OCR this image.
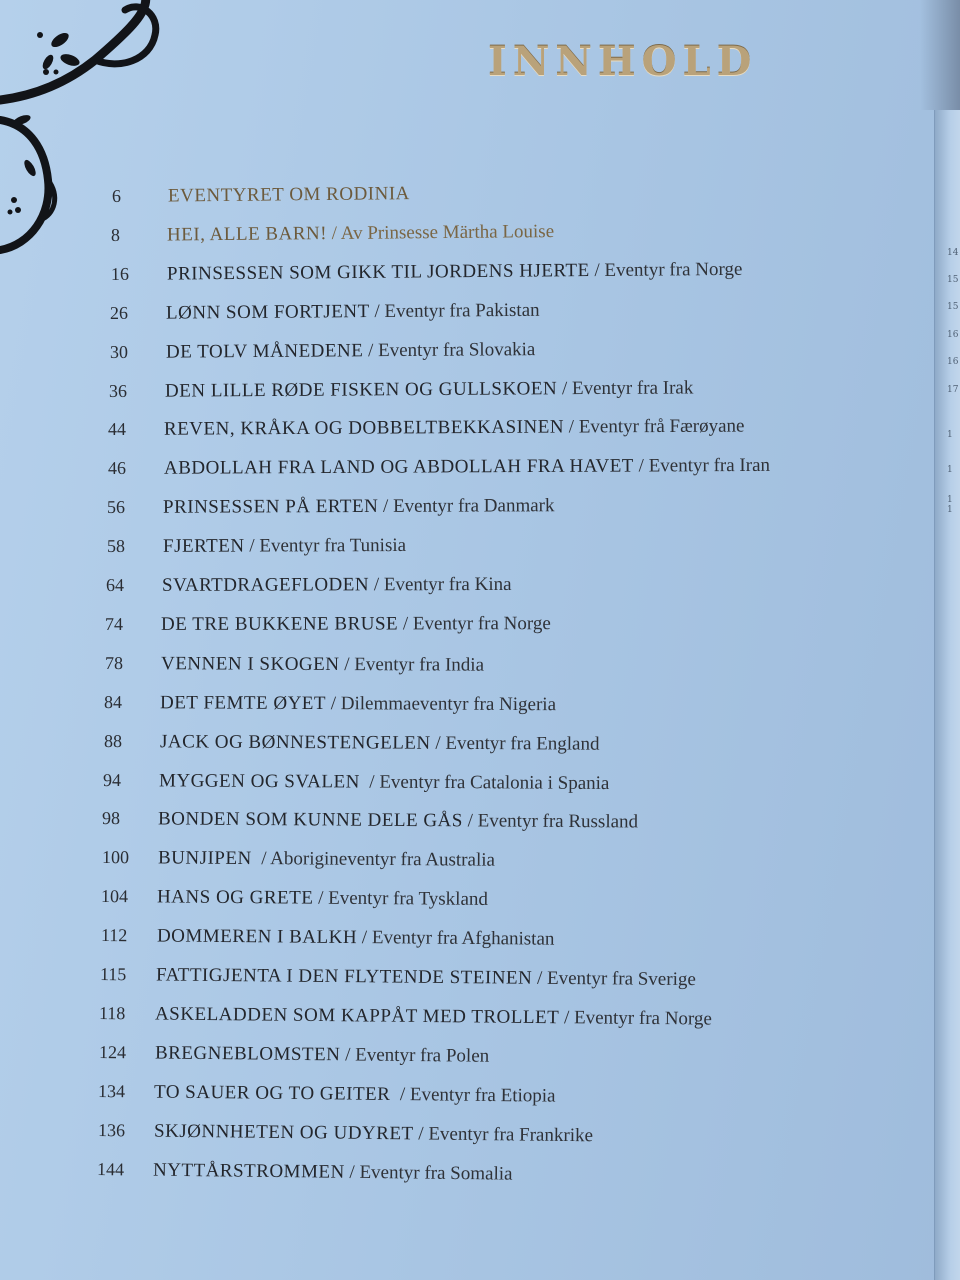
INNHOLD
14
15
15
16
16
17
1
1
1
1
6 EVENTYRET OM RODINIA
8 HEI, ALLE BARN! / Av Prinsesse Märtha Louise
16 PRINSESSEN SOM GIKK TIL JORDENS HJERTE / Eventyr fra Norge
26 LØNN SOM FORTJENT / Eventyr fra Pakistan
30 DE TOLV MÅNEDENE / Eventyr fra Slovakia
36 DEN LILLE RØDE FISKEN OG GULLSKOEN / Eventyr fra Irak
44 REVEN, KRÅKA OG DOBBELTBEKKASINEN / Eventyr frå Færøyane
46 ABDOLLAH FRA LAND OG ABDOLLAH FRA HAVET / Eventyr fra Iran
56 PRINSESSEN PÅ ERTEN / Eventyr fra Danmark
58 FJERTEN / Eventyr fra Tunisia
64 SVARTDRAGEFLODEN / Eventyr fra Kina
74 DE TRE BUKKENE BRUSE / Eventyr fra Norge
78 VENNEN I SKOGEN / Eventyr fra India
84 DET FEMTE ØYET / Dilemmaeventyr fra Nigeria
88 JACK OG BØNNESTENGELEN / Eventyr fra England
94 MYGGEN OG SVALEN  / Eventyr fra Catalonia i Spania
98 BONDEN SOM KUNNE DELE GÅS / Eventyr fra Russland
100 BUNJIPEN  / Aborigineventyr fra Australia
104 HANS OG GRETE / Eventyr fra Tyskland
112 DOMMEREN I BALKH / Eventyr fra Afghanistan
115 FATTIGJENTA I DEN FLYTENDE STEINEN / Eventyr fra Sverige
118 ASKELADDEN SOM KAPPÅT MED TROLLET / Eventyr fra Norge
124 BREGNEBLOMSTEN / Eventyr fra Polen
134 TO SAUER OG TO GEITER  / Eventyr fra Etiopia
136 SKJØNNHETEN OG UDYRET / Eventyr fra Frankrike
144 NYTTÅRSTROMMEN / Eventyr fra Somalia
